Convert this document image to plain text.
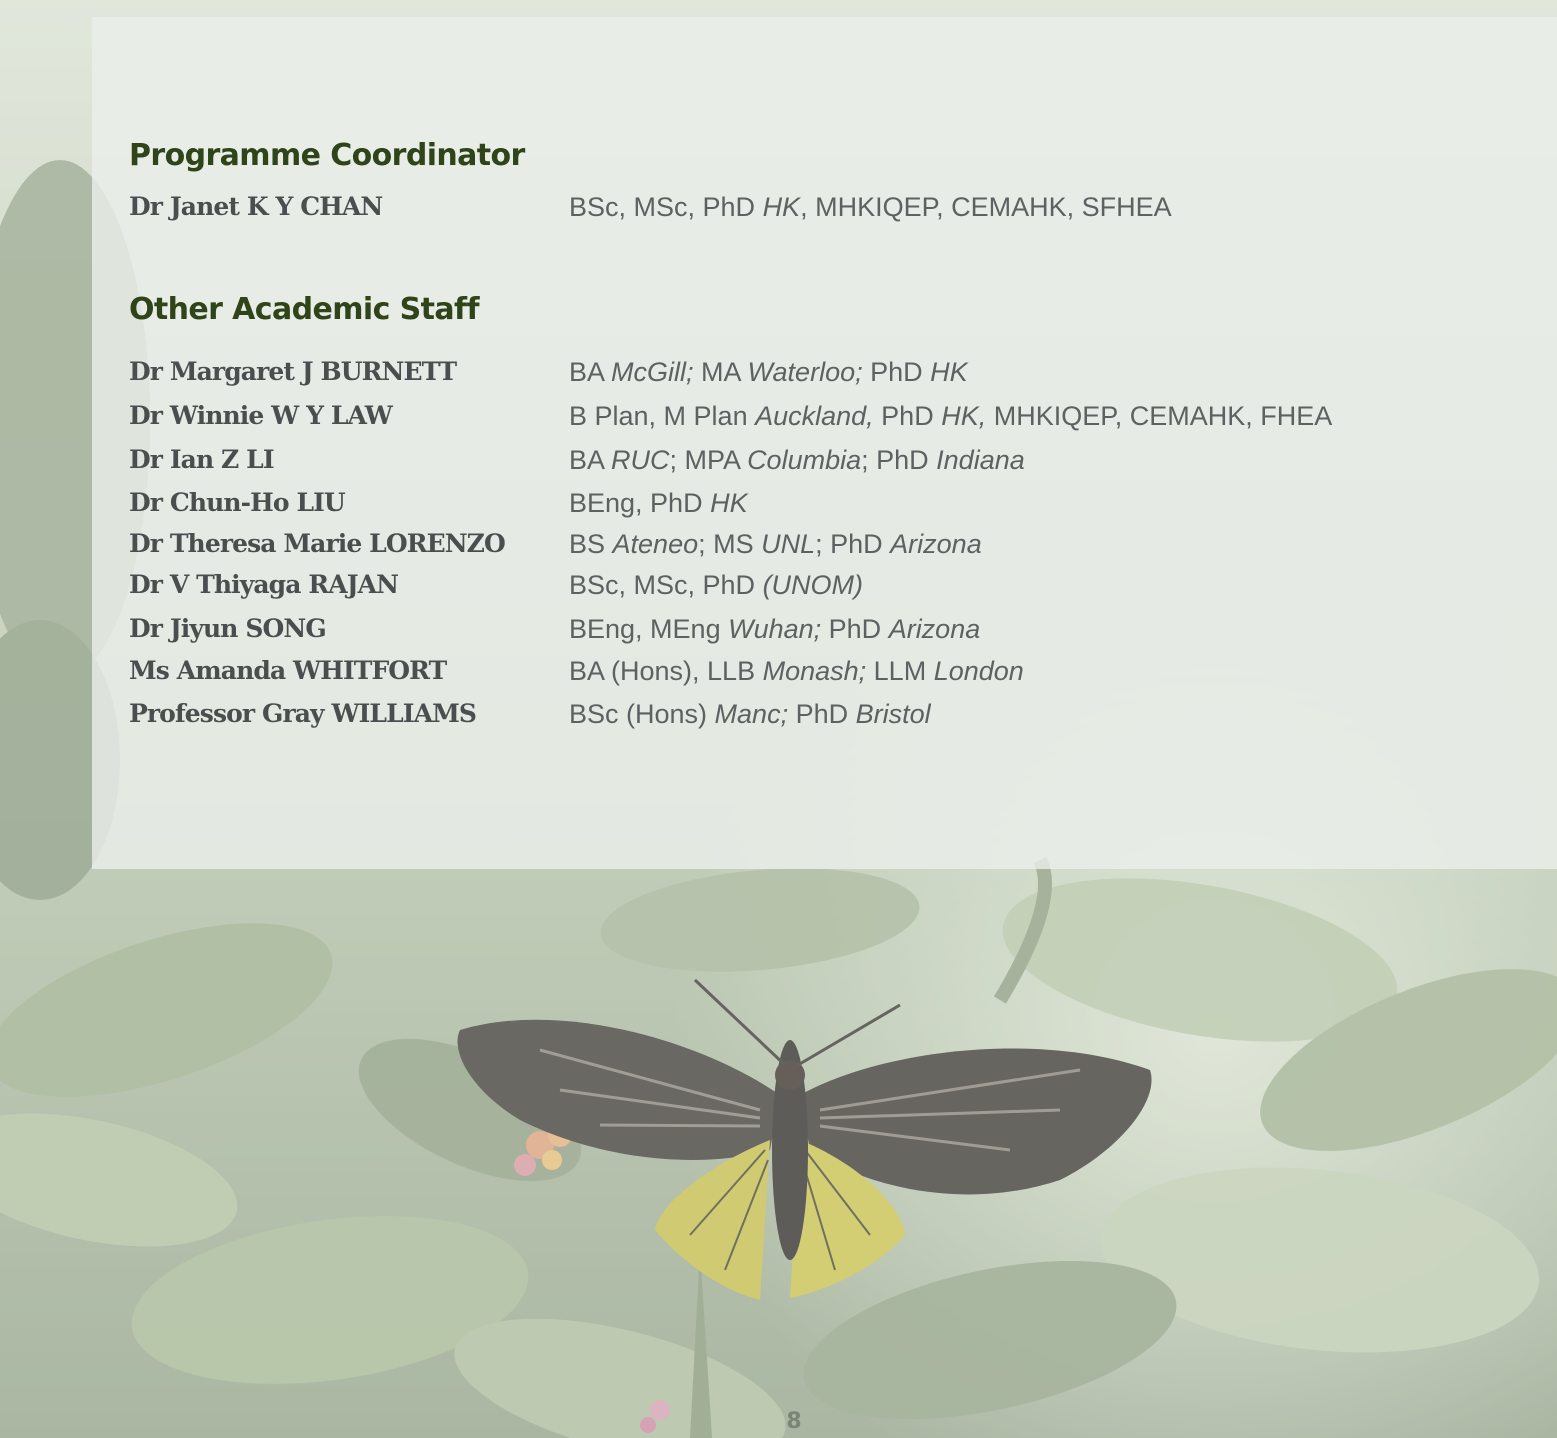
Programme Coordinator
Dr Janet K Y CHAN	BSc, MSc, PhD HK, MHKIQEP, CEMAHK, SFHEA
Other Academic Staff
Dr Margaret J BURNETT	BA McGill; MA Waterloo; PhD HK
Dr Winnie W Y LAW	B Plan, M Plan Auckland, PhD HK, MHKIQEP, CEMAHK, FHEA
Dr Ian Z LI	BA RUC; MPA Columbia; PhD Indiana
Dr Chun-Ho LIU	BEng, PhD HK
Dr Theresa Marie LORENZO BS Ateneo; MS UNL; PhD Arizona
Dr V Thiyaga RAJAN	BSc, MSc, PhD (UNOM)
Dr Jiyun SONG	BEng, MEng Wuhan; PhD Arizona
Ms Amanda WHITFORT	BA (Hons), LLB Monash; LLM London
Professor Gray WILLIAMS	BSc (Hons) Manc; PhD Bristol
8
